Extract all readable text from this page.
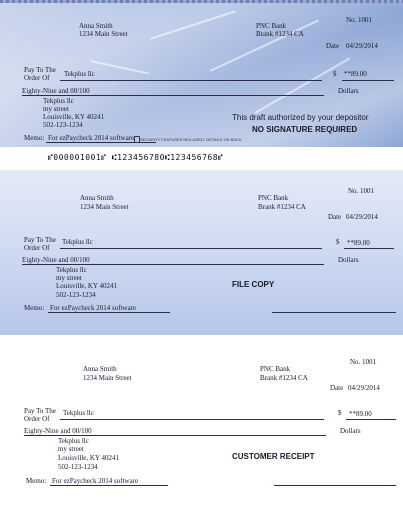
Anna Smith
1234 Main Street
PNC Bank
Brank #1234 CA
No. 1001
Date 04/29/2014
Pay To The
Order Of Tekplus llc	$ **89.00
Eighty-Nine and 00/100	Dollars
Tekplus llc
my street
Louisville, KY 40241
502-123-1234
Memo: For ezPaycheck 2014 software SECURITY FEATURES INCLUDED. DETAILS ON BACK
This draft authorized by your depositor
NO SIGNATURE REQUIRED
⑈000001001⑈ ⑆123456780⑆123456768⑈
Anna Smith
1234 Main Street
PNC Bank
Brank #1234 CA
No. 1001
Date 04/29/2014
Pay To The
Order Of
Tekplus llc	$ **89.00
Eighty-Nine and 00/100	Dollars
Tekplus llc
my street
Louisville, KY 40241
502-123-1234
FILE COPY
Memo: For ezPaycheck 2014 software
Anna Smith
1234 Main Street
PNC Bank
Brank #1234 CA
No. 1001
Date 04/29/2014
Pay To The
Order Of
Tekplus llc	$ **89.00
Eighty-Nine and 00/100	Dollars
Tekplus llc
my street
Louisville, KY 40241
502-123-1234
CUSTOMER RECEIPT
Memo: For ezPaycheck 2014 software
